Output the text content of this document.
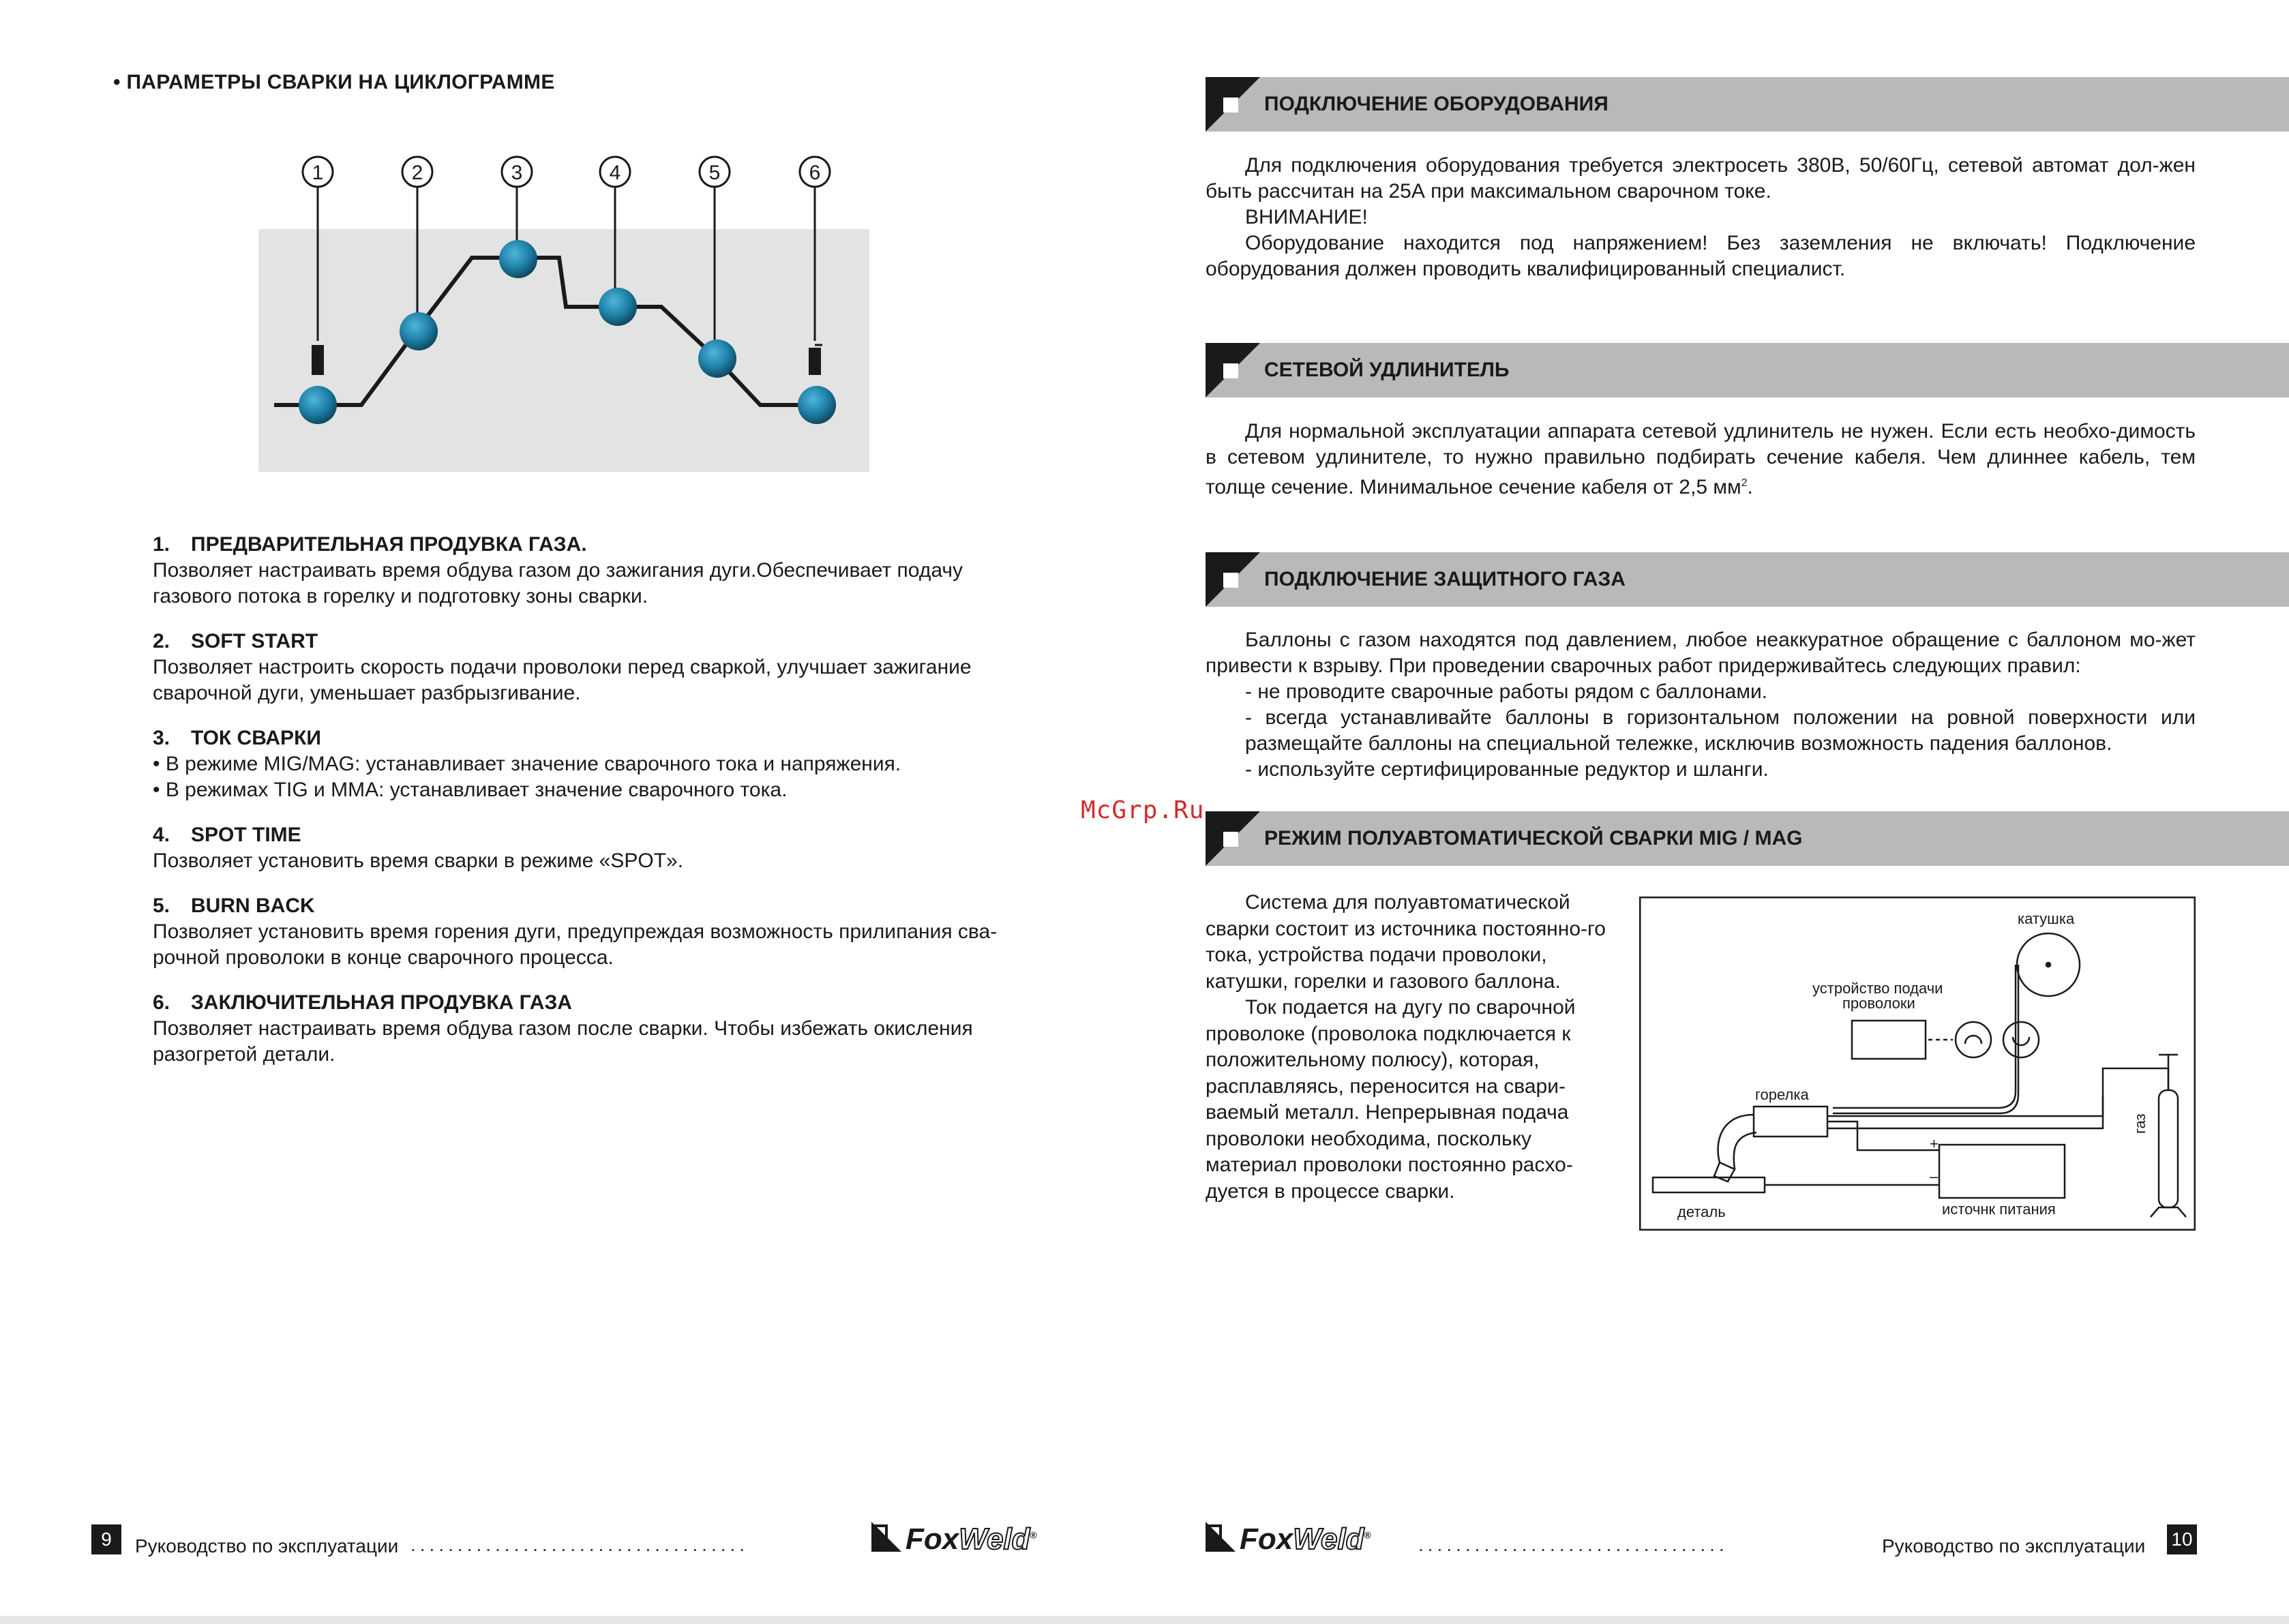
• ПАРАМЕТРЫ СВАРКИ НА ЦИКЛОГРАММЕ
1	2	3	4	5	6
1. ПРЕДВАРИТЕЛЬНАЯ ПРОДУВКА ГАЗА.

Позволяет настраивать время обдува газом до зажигания дуги.Обеспечивает подачу

газового потока в горелку и подготовку зоны сварки.

2. SOFT START

Позволяет настроить скорость подачи проволоки перед сваркой, улучшает зажигание

сварочной дуги, уменьшает разбрызгивание.

3. ТОК СВАРКИ

• В режиме MIG/MAG: устанавливает значение сварочного тока и напряжения.

• В режимах TIG и MMA: устанавливает значение сварочного тока.

4. SPOT TIME

Позволяет установить время сварки в режиме «SPOT».

5. BURN BACK

Позволяет установить время горения дуги, предупреждая возможность прилипания сва-

рочной проволоки в конце сварочного процесса.

6. ЗАКЛЮЧИТЕЛЬНАЯ ПРОДУВКА ГАЗА

Позволяет настраивать время обдува газом после сварки. Чтобы избежать окисления

разогретой детали.

9	Руководство по эксплуатации ....................................	FoxWeld®
ПОДКЛЮЧЕНИЕ ОБОРУДОВАНИЯ

Для подключения оборудования требуется электросеть 380В, 50/60Гц, сетевой автомат дол-жен быть рассчитан на 25А при максимальном сварочном токе.

ВНИМАНИЕ!

Оборудование находится под напряжением! Без заземления не включать! Подключение оборудования должен проводить квалифицированный специалист.

СЕТЕВОЙ УДЛИНИТЕЛЬ

Для нормальной эксплуатации аппарата сетевой удлинитель не нужен. Если есть необхо-димость в сетевом удлинителе, то нужно правильно подбирать сечение кабеля. Чем длиннее кабель, тем толще сечение. Минимальное сечение кабеля от 2,5 $мм^2$.

ПОДКЛЮЧЕНИЕ ЗАЩИТНОГО ГАЗА

Баллоны с газом находятся под давлением, любое неаккуратное обращение с баллоном мо-жет привести к взрыву. При проведении сварочных работ придерживайтесь следующих правил:

- не проводите сварочные работы рядом с баллонами.
- всегда устанавливайте баллоны в горизонтальном положении на ровной поверхности или размещайте баллоны на специальной тележке, исключив возможность падения баллонов.
- используйте сертифицированные редуктор и шланги.
McGrp.Ru
РЕЖИМ ПОЛУАВТОМАТИЧЕСКОЙ СВАРКИ MIG / MAG

Система для полуавтоматической сварки состоит из источника постоянно-го тока, устройства подачи проволоки, катушки, горелки и газового баллона.

Ток подается на дугу по сварочной проволоке (проволока подключается к положительному полюсу), которая, расплавляясь, переносится на свари-ваемый металл. Непрерывная подача проволоки необходима, поскольку материал проволоки постоянно расхо-дуется в процессе сварки.

катушка
устройство подачи
проволоки
горелка
деталь	источнк питания
+
–
газ
FoxWeld® .................................	Руководство по эксплуатации 10
